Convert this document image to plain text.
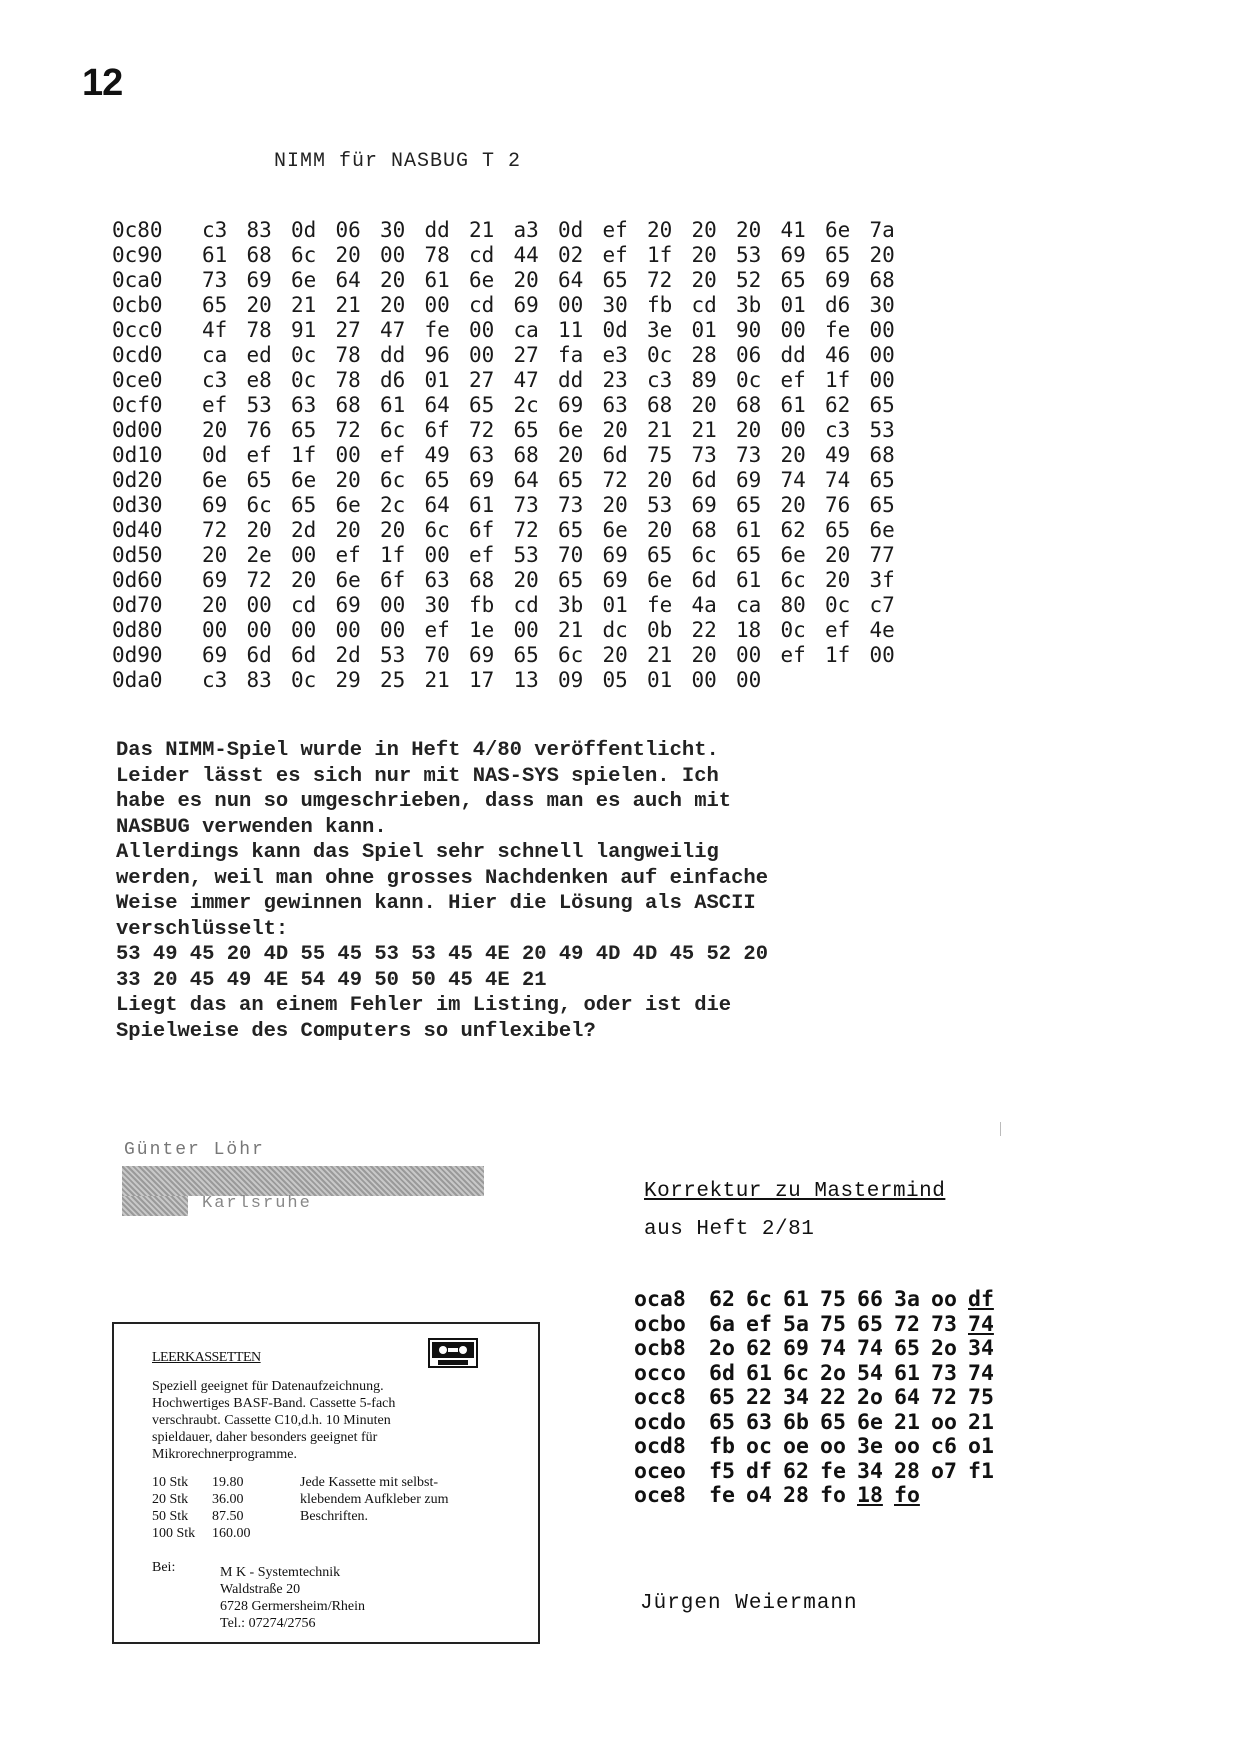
12
NIMM für NASBUG T 2
0c80	c3 83 0d 06 30 dd 21 a3 0d ef 20 20 20 41 6e 7a
0c90	61 68 6c 20 00 78 cd 44 02 ef 1f 20 53 69 65 20
0ca0	73 69 6e 64 20 61 6e 20 64 65 72 20 52 65 69 68
0cb0	65 20 21 21 20 00 cd 69 00 30 fb cd 3b 01 d6 30
0cc0	4f 78 91 27 47 fe 00 ca 11 0d 3e 01 90 00 fe 00
0cd0	ca ed 0c 78 dd 96 00 27 fa e3 0c 28 06 dd 46 00
0ce0	c3 e8 0c 78 d6 01 27 47 dd 23 c3 89 0c ef 1f 00
0cf0	ef 53 63 68 61 64 65 2c 69 63 68 20 68 61 62 65
0d00	20 76 65 72 6c 6f 72 65 6e 20 21 21 20 00 c3 53
0d10	0d ef 1f 00 ef 49 63 68 20 6d 75 73 73 20 49 68
0d20	6e 65 6e 20 6c 65 69 64 65 72 20 6d 69 74 74 65
0d30	69 6c 65 6e 2c 64 61 73 73 20 53 69 65 20 76 65
0d40	72 20 2d 20 20 6c 6f 72 65 6e 20 68 61 62 65 6e
0d50	20 2e 00 ef 1f 00 ef 53 70 69 65 6c 65 6e 20 77
0d60	69 72 20 6e 6f 63 68 20 65 69 6e 6d 61 6c 20 3f
0d70	20 00 cd 69 00 30 fb cd 3b 01 fe 4a ca 80 0c c7
0d80	00 00 00 00 00 ef 1e 00 21 dc 0b 22 18 0c ef 4e
0d90	69 6d 6d 2d 53 70 69 65 6c 20 21 20 00 ef 1f 00
0da0	c3 83 0c 29 25 21 17 13 09 05 01 00 00
Das NIMM-Spiel wurde in Heft 4/80 veröffentlicht.
Leider lässt es sich nur mit NAS-SYS spielen. Ich
habe es nun so umgeschrieben, dass man es auch mit
NASBUG verwenden kann.
Allerdings kann das Spiel sehr schnell langweilig
werden, weil man ohne grosses Nachdenken auf einfache
Weise immer gewinnen kann. Hier die Lösung als ASCII
verschlüsselt:
53 49 45 20 4D 55 45 53 53 45 4E 20 49 4D 4D 45 52 20
33 20 45 49 4E 54 49 50 50 45 4E 21
Liegt das an einem Fehler im Listing, oder ist die
Spielweise des Computers so unflexibel?
Günter Löhr
Karlsruhe
Korrektur zu Mastermind
aus Heft 2/81
oca8	62 6c 61 75 66 3a oo df
ocbo	6a ef 5a 75 65 72 73 74
ocb8	2o 62 69 74 74 65 2o 34
occo	6d 61 6c 2o 54 61 73 74
occ8	65 22 34 22 2o 64 72 75
ocdo	65 63 6b 65 6e 21 oo 21
ocd8	fb oc oe oo 3e oo c6 o1
oceo	f5 df 62 fe 34 28 o7 f1
oce8	fe o4 28 fo 18 fo
Jürgen Weiermann
LEERKASSETTEN
Speziell geeignet für Datenaufzeichnung.
Hochwertiges BASF-Band. Cassette 5-fach
verschraubt. Cassette C10,d.h. 10 Minuten
spieldauer, daher besonders geeignet für
Mikrorechnerprogramme.
10 Stk	19.80
20 Stk	36.00
50 Stk	87.50
100 Stk	160.00
Jede Kassette mit selbst-
klebendem Aufkleber zum
Beschriften.
Bei:	M K - Systemtechnik
Waldstraße 20
6728 Germersheim/Rhein
Tel.: 07274/2756
